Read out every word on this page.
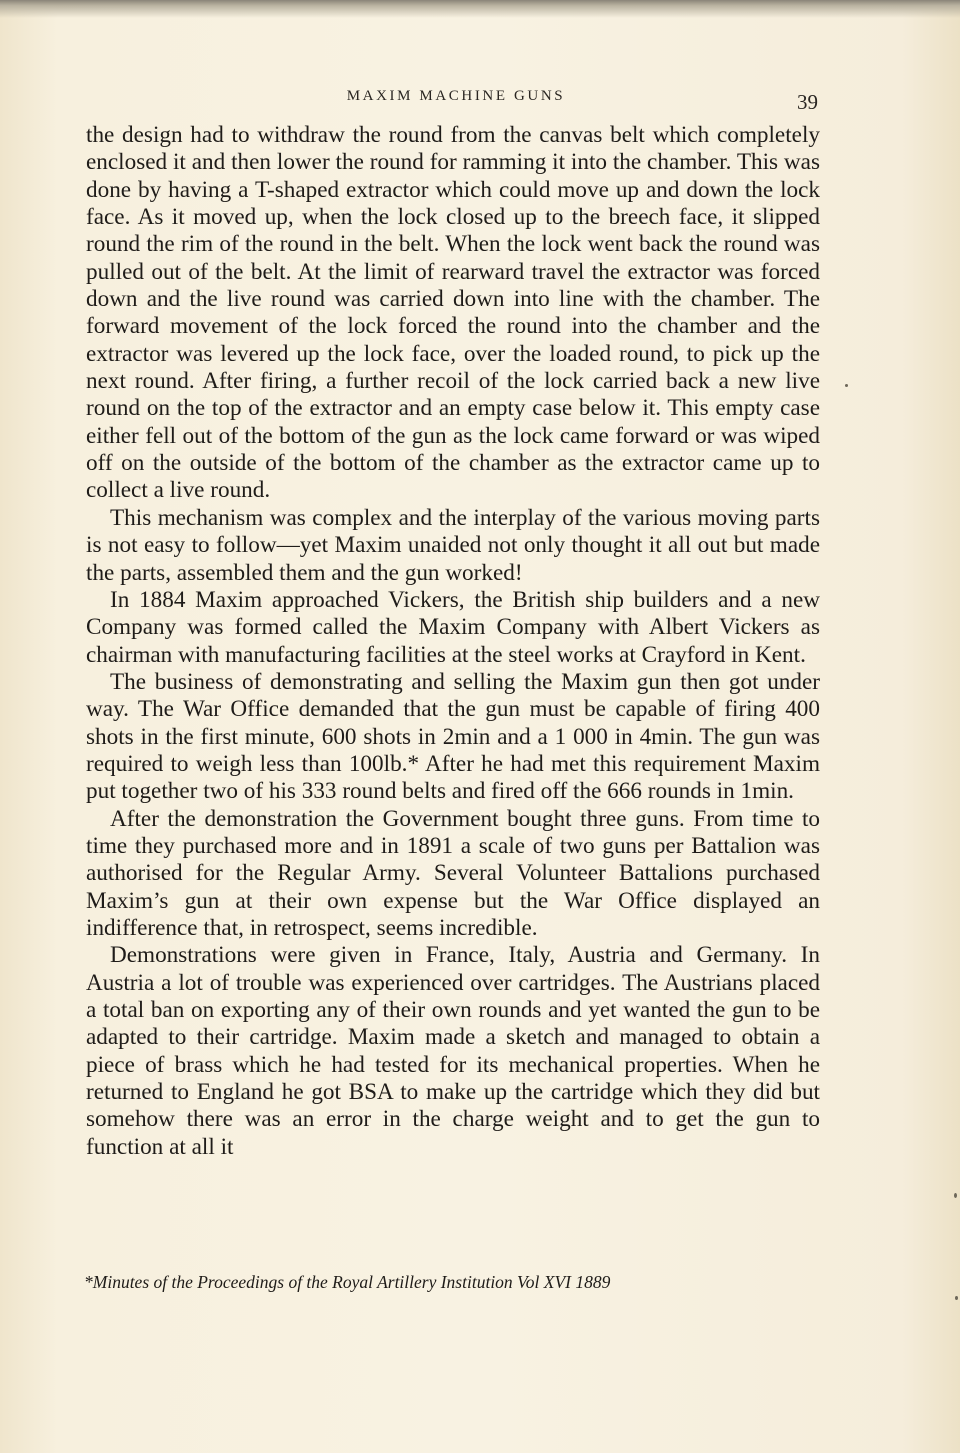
MAXIM MACHINE GUNS	39

the design had to withdraw the round from the canvas belt which completely enclosed it and then lower the round for ramming it into the chamber. This was done by having a T-shaped extractor which could move up and down the lock face. As it moved up, when the lock closed up to the breech face, it slipped round the rim of the round in the belt. When the lock went back the round was pulled out of the belt. At the limit of rearward travel the extractor was forced down and the live round was carried down into line with the chamber. The forward movement of the lock forced the round into the chamber and the extractor was levered up the lock face, over the loaded round, to pick up the next round. After firing, a further recoil of the lock carried back a new live round on the top of the extractor and an empty case below it. This empty case either fell out of the bottom of the gun as the lock came forward or was wiped off on the outside of the bottom of the chamber as the extractor came up to collect a live round.

This mechanism was complex and the interplay of the various moving parts is not easy to follow—yet Maxim unaided not only thought it all out but made the parts, assembled them and the gun worked!

In 1884 Maxim approached Vickers, the British ship builders and a new Company was formed called the Maxim Company with Albert Vickers as chairman with manufacturing facilities at the steel works at Crayford in Kent.

The business of demonstrating and selling the Maxim gun then got under way. The War Office demanded that the gun must be capable of firing 400 shots in the first minute, 600 shots in 2min and a 1 000 in 4min. The gun was required to weigh less than 100lb.* After he had met this requirement Maxim put together two of his 333 round belts and fired off the 666 rounds in 1min.

After the demonstration the Government bought three guns. From time to time they purchased more and in 1891 a scale of two guns per Battalion was authorised for the Regular Army. Several Volunteer Battalions purchased Maxim’s gun at their own expense but the War Office displayed an indifference that, in retrospect, seems incredible.

Demonstrations were given in France, Italy, Austria and Germany. In Austria a lot of trouble was experienced over cartridges. The Austrians placed a total ban on exporting any of their own rounds and yet wanted the gun to be adapted to their cartridge. Maxim made a sketch and managed to obtain a piece of brass which he had tested for its mechanical properties. When he returned to England he got BSA to make up the cartridge which they did but somehow there was an error in the charge weight and to get the gun to function at all it

*Minutes of the Proceedings of the Royal Artillery Institution Vol XVI 1889
